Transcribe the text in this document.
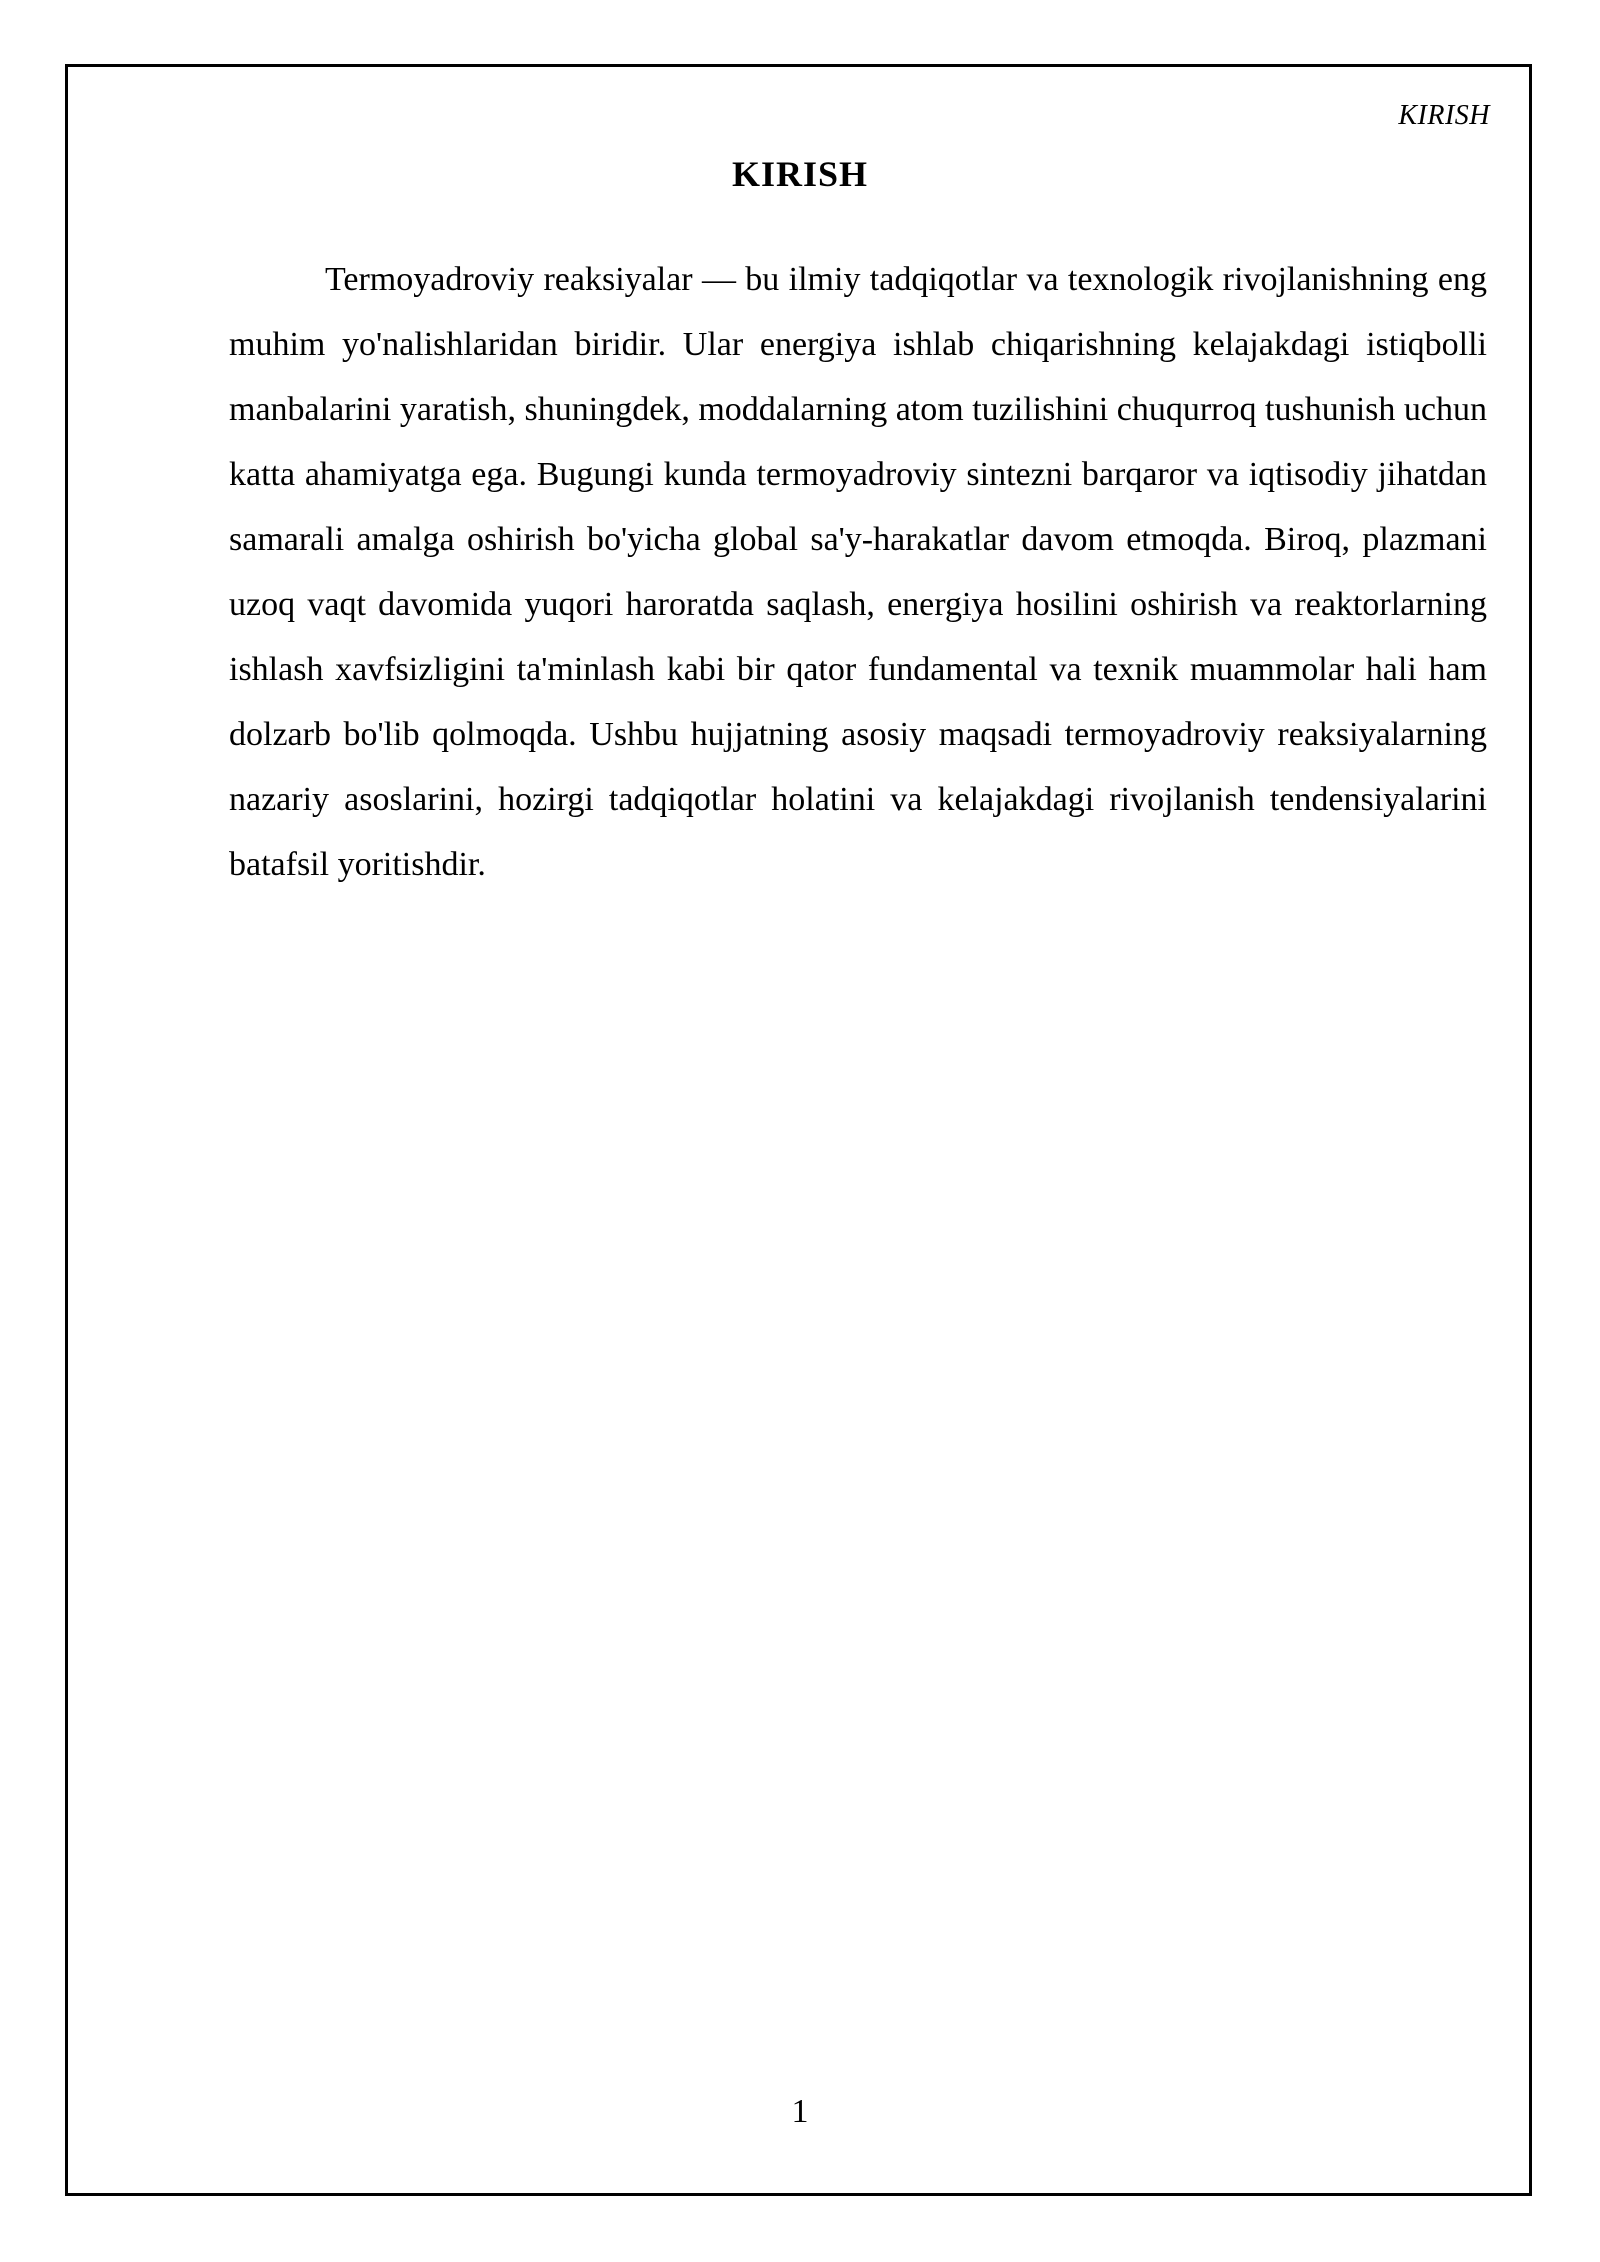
KIRISH
KIRISH

Termoyadroviy reaksiyalar — bu ilmiy tadqiqotlar va texnologik rivojlanishning eng muhim yo'nalishlaridan biridir. Ular energiya ishlab chiqarishning kelajakdagi istiqbolli manbalarini yaratish, shuningdek, moddalarning atom tuzilishini chuqurroq tushunish uchun katta ahamiyatga ega. Bugungi kunda termoyadroviy sintezni barqaror va iqtisodiy jihatdan samarali amalga oshirish bo'yicha global sa'y-harakatlar davom etmoqda. Biroq, plazmani uzoq vaqt davomida yuqori haroratda saqlash, energiya hosilini oshirish va reaktorlarning ishlash xavfsizligini ta'minlash kabi bir qator fundamental va texnik muammolar hali ham dolzarb bo'lib qolmoqda. Ushbu hujjatning asosiy maqsadi termoyadroviy reaksiyalarning nazariy asoslarini, hozirgi tadqiqotlar holatini va kelajakdagi rivojlanish tendensiyalarini batafsil yoritishdir.

1
